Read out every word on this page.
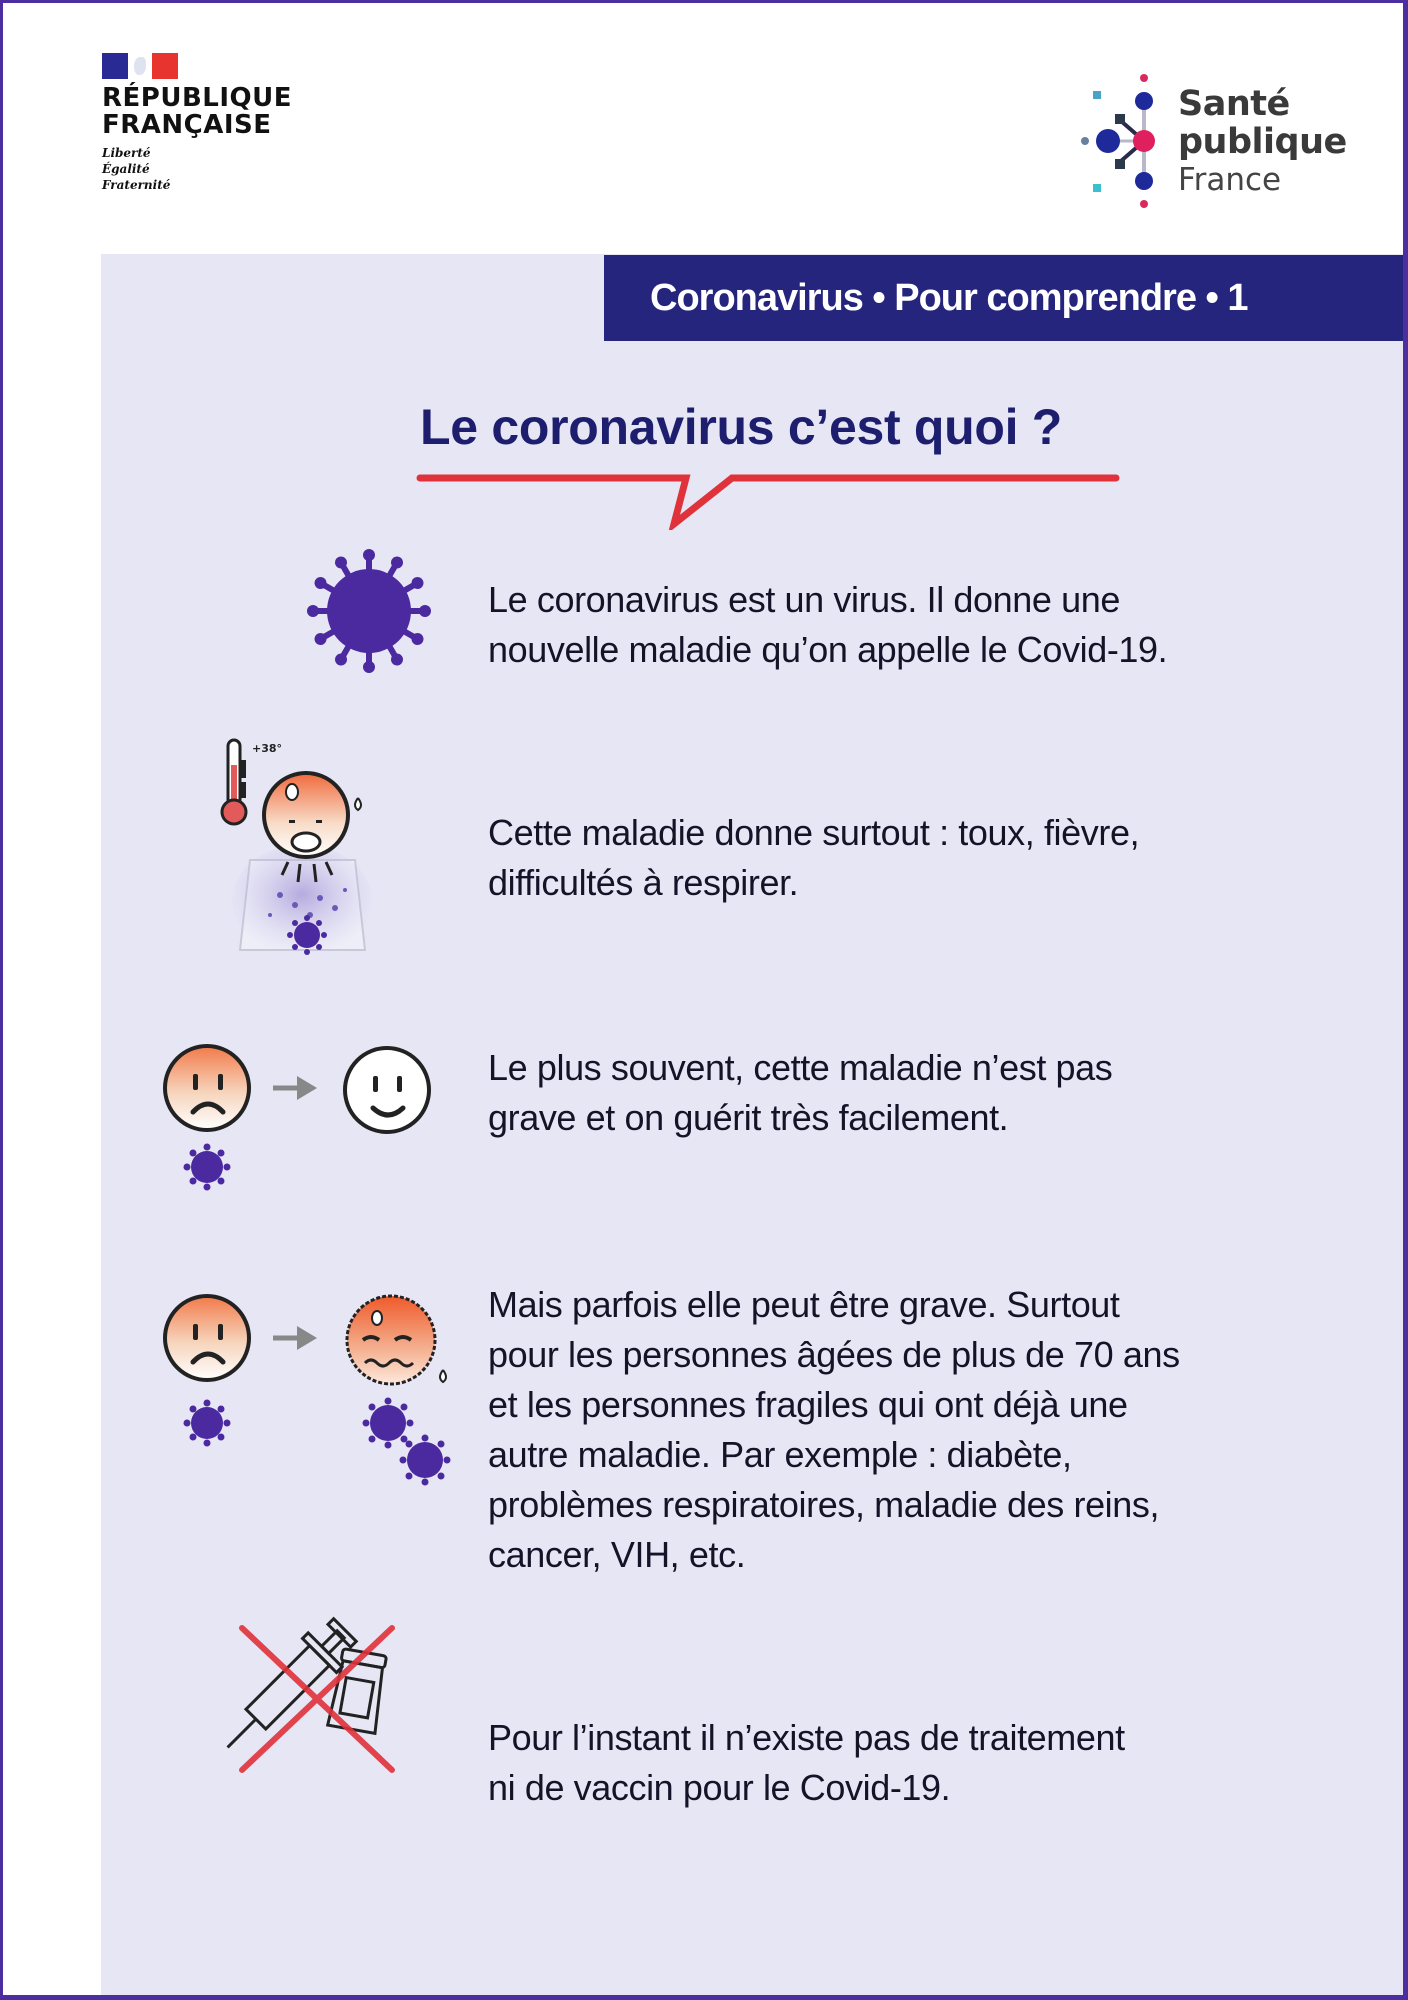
RÉPUBLIQUE
FRANÇAISE
Liberté
Égalité
Fraternité
Santé
publique
France
Coronavirus • Pour comprendre • 1
Le coronavirus c’est quoi ?
Le coronavirus est un virus. Il donne une
nouvelle maladie qu’on appelle le Covid-19.
+38°
Cette maladie donne surtout : toux, fièvre,
difficultés à respirer.
Le plus souvent, cette maladie n’est pas
grave et on guérit très facilement.
Mais parfois elle peut être grave. Surtout
pour les personnes âgées de plus de 70 ans
et les personnes fragiles qui ont déjà une
autre maladie. Par exemple : diabète,
problèmes respiratoires, maladie des reins,
cancer, VIH, etc.
Pour l’instant il n’existe pas de traitement
ni de vaccin pour le Covid-19.
